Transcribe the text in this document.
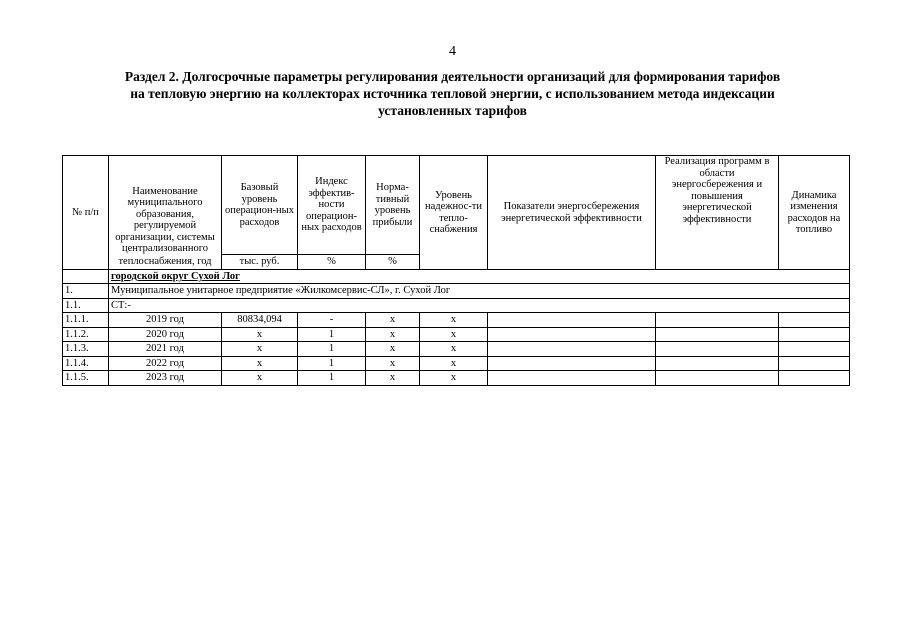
4
Раздел 2. Долгосрочные параметры регулирования деятельности организаций для формирования тарифов
на тепловую энергию на коллекторах источника тепловой энергии, с использованием метода индексации
установленных тарифов
№ п/п	Наименование муниципального образования, регулируемой организации, системы централизованного	Базовый уровень операцион-ных расходов	Индекс эффектив-ности операцион-ных расходов	Норма-тивный уровень прибыли	Уровень надежнос-ти тепло-снабжения	Показатели энергосбережения энергетической эффективности	Реализация программ в области энергосбережения и повышения энергетической эффективности	Динамика изменения расходов на топливо
	теплоснабжения, год	тыс. руб.	%	%				
	городской округ Сухой Лог							
1.	Муниципальное унитарное предприятие «Жилкомсервис-СЛ», г. Сухой Лог							
1.1.	СТ:-							
1.1.1.	2019 год	80834,094	-	х	х			
1.1.2.	2020 год	х	1	х	х			
1.1.3.	2021 год	х	1	х	х			
1.1.4.	2022 год	х	1	х	х			
1.1.5.	2023 год	х	1	х	х			
